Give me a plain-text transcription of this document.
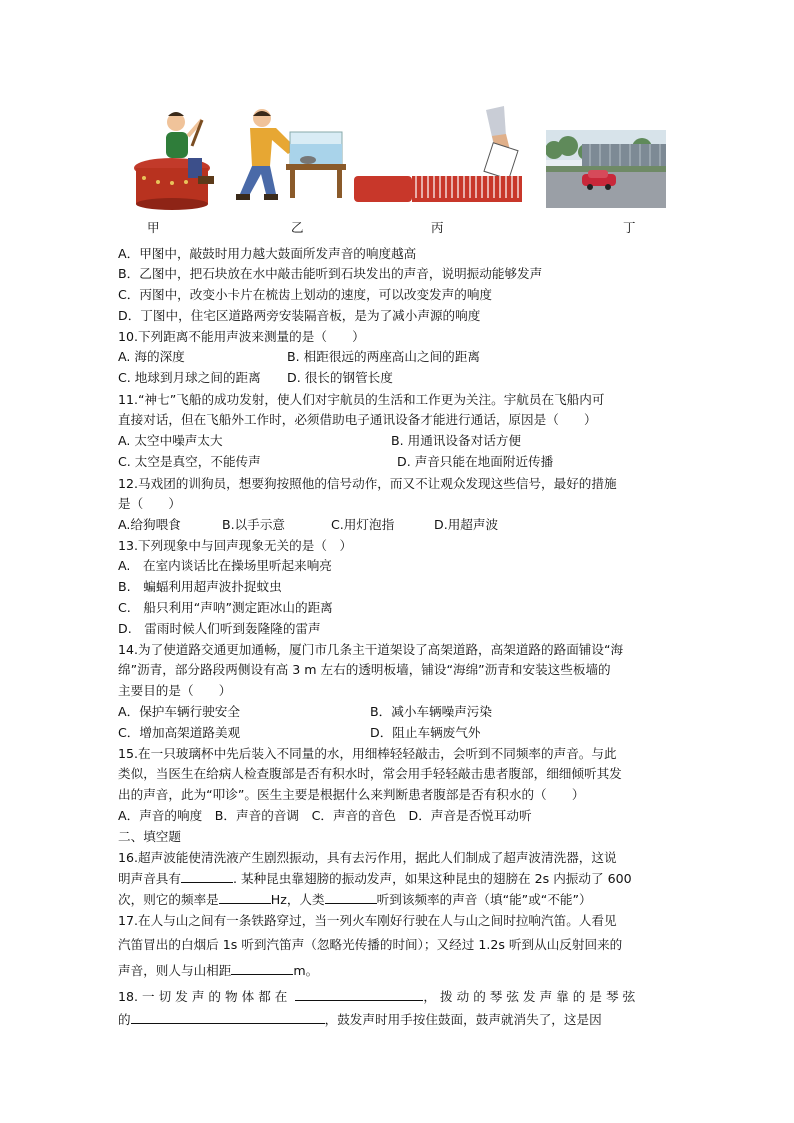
甲	乙	丙	丁
A．甲图中，敲鼓时用力越大鼓面所发声音的响度越高
B．乙图中，把石块放在水中敲击能听到石块发出的声音，说明振动能够发声
C．丙图中，改变小卡片在梳齿上划动的速度，可以改变发声的响度
D．丁图中，住宅区道路两旁安装隔音板，是为了减小声源的响度
10.下列距离不能用声波来测量的是（　　）
A. 海的深度	B. 相距很远的两座高山之间的距离
C. 地球到月球之间的距离 D. 很长的钢管长度
11.“神七”飞船的成功发射，使人们对宇航员的生活和工作更为关注。宇航员在飞船内可
直接对话，但在飞船外工作时，必须借助电子通讯设备才能进行通话，原因是（　　）
A. 太空中噪声太大	B. 用通讯设备对话方便
C. 太空是真空，不能传声	D. 声音只能在地面附近传播
12.马戏团的训狗员，想要狗按照他的信号动作，而又不让观众发现这些信号，最好的措施
是（　　）
A.给狗喂食	B.以手示意	C.用灯泡指	D.用超声波
13.下列现象中与回声现象无关的是（　）
A.　在室内谈话比在操场里听起来响亮
B.　蝙蝠利用超声波扑捉蚊虫
C.　船只利用“声呐”测定距冰山的距离
D.　雷雨时候人们听到轰隆隆的雷声
14.为了使道路交通更加通畅，厦门市几条主干道架设了高架道路，高架道路的路面铺设“海
绵”沥青，部分路段两侧设有高 3 m 左右的透明板墙，铺设“海绵”沥青和安装这些板墙的
主要目的是（　　）
A．保护车辆行驶安全	B．减小车辆噪声污染
C．增加高架道路美观	D．阻止车辆废气外
15.在一只玻璃杯中先后装入不同量的水，用细棒轻轻敲击，会听到不同频率的声音。与此
类似，当医生在给病人检查腹部是否有积水时，常会用手轻轻敲击患者腹部，细细倾听其发
出的声音，此为“叩诊”。医生主要是根据什么来判断患者腹部是否有积水的（　　）
A．声音的响度　B．声音的音调　C．声音的音色　D．声音是否悦耳动听
二、填空题
16.超声波能使清洗液产生剧烈振动，具有去污作用，据此人们制成了超声波清洗器，这说
明声音具有	. 某种昆虫靠翅膀的振动发声，如果这种昆虫的翅膀在 2s 内振动了 600
次，则它的频率是	Hz，人类	听到该频率的声音（填“能”或“不能”）
17.在人与山之间有一条铁路穿过，当一列火车刚好行驶在人与山之间时拉响汽笛。人看见
汽笛冒出的白烟后 1s 听到汽笛声（忽略光传播的时间）；又经过 1.2s 听到从山反射回来的
声音，则人与山相距	m。
18. 一 切 发 声 的 物 体 都 在	， 拨 动 的 琴 弦 发 声 靠 的 是 琴 弦
的	，鼓发声时用手按住鼓面，鼓声就消失了，这是因
